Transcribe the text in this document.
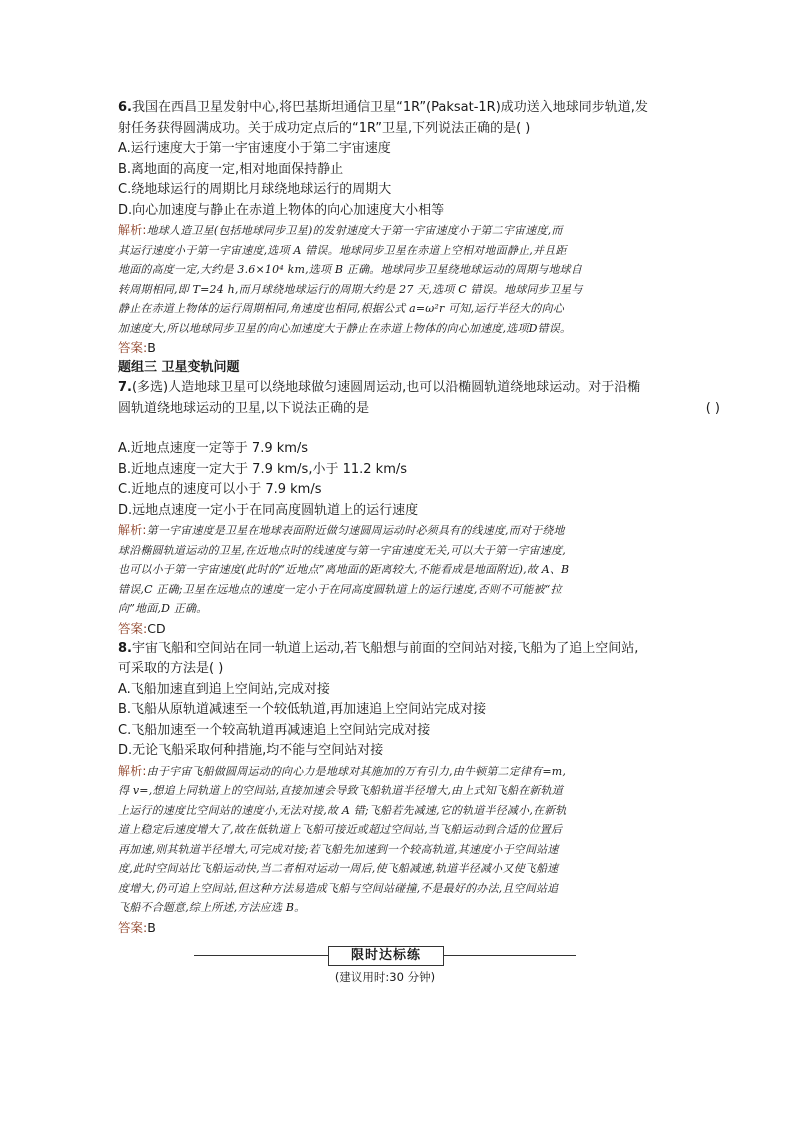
6.我国在西昌卫星发射中心,将巴基斯坦通信卫星“1R”(Paksat-1R)成功送入地球同步轨道,发

射任务获得圆满成功。关于成功定点后的“1R”卫星,下列说法正确的是( )

A.运行速度大于第一宇宙速度小于第二宇宙速度

B.离地面的高度一定,相对地面保持静止

C.绕地球运行的周期比月球绕地球运行的周期大

D.向心加速度与静止在赤道上物体的向心加速度大小相等

解析:地球人造卫星(包括地球同步卫星)的发射速度大于第一宇宙速度小于第二宇宙速度,而

其运行速度小于第一宇宙速度,选项 A 错误。地球同步卫星在赤道上空相对地面静止,并且距

地面的高度一定,大约是 3.6×10⁴ km,选项 B 正确。地球同步卫星绕地球运动的周期与地球自

转周期相同,即 T=24 h,而月球绕地球运行的周期大约是 27 天,选项 C 错误。地球同步卫星与

静止在赤道上物体的运行周期相同,角速度也相同,根据公式 a=ω²r 可知,运行半径大的向心

加速度大,所以地球同步卫星的向心加速度大于静止在赤道上物体的向心加速度,选项D错误。

答案:B

题组三 卫星变轨问题

7.(多选)人造地球卫星可以绕地球做匀速圆周运动,也可以沿椭圆轨道绕地球运动。对于沿椭

圆轨道绕地球运动的卫星,以下说法正确的是	( )

A.近地点速度一定等于 7.9 km/s

B.近地点速度一定大于 7.9 km/s,小于 11.2 km/s

C.近地点的速度可以小于 7.9 km/s

D.远地点速度一定小于在同高度圆轨道上的运行速度

解析:第一宇宙速度是卫星在地球表面附近做匀速圆周运动时必须具有的线速度,而对于绕地

球沿椭圆轨道运动的卫星,在近地点时的线速度与第一宇宙速度无关,可以大于第一宇宙速度,

也可以小于第一宇宙速度(此时的“近地点”离地面的距离较大,不能看成是地面附近),故 A、B

错误,C 正确;卫星在远地点的速度一定小于在同高度圆轨道上的运行速度,否则不可能被“拉

向”地面,D 正确。

答案:CD

8.宇宙飞船和空间站在同一轨道上运动,若飞船想与前面的空间站对接,飞船为了追上空间站,

可采取的方法是( )

A.飞船加速直到追上空间站,完成对接

B.飞船从原轨道减速至一个较低轨道,再加速追上空间站完成对接

C.飞船加速至一个较高轨道再减速追上空间站完成对接

D.无论飞船采取何种措施,均不能与空间站对接

解析:由于宇宙飞船做圆周运动的向心力是地球对其施加的万有引力,由牛顿第二定律有=m,

得 v=,想追上同轨道上的空间站,直接加速会导致飞船轨道半径增大,由上式知飞船在新轨道

上运行的速度比空间站的速度小,无法对接,故 A 错;飞船若先减速,它的轨道半径减小,在新轨

道上稳定后速度增大了,故在低轨道上飞船可接近或超过空间站,当飞船运动到合适的位置后

再加速,则其轨道半径增大,可完成对接;若飞船先加速到一个较高轨道,其速度小于空间站速

度,此时空间站比飞船运动快,当二者相对运动一周后,使飞船减速,轨道半径减小又使飞船速

度增大,仍可追上空间站,但这种方法易造成飞船与空间站碰撞,不是最好的办法,且空间站追

飞船不合题意,综上所述,方法应选 B。

答案:B

限时达标练

(建议用时:30 分钟)
